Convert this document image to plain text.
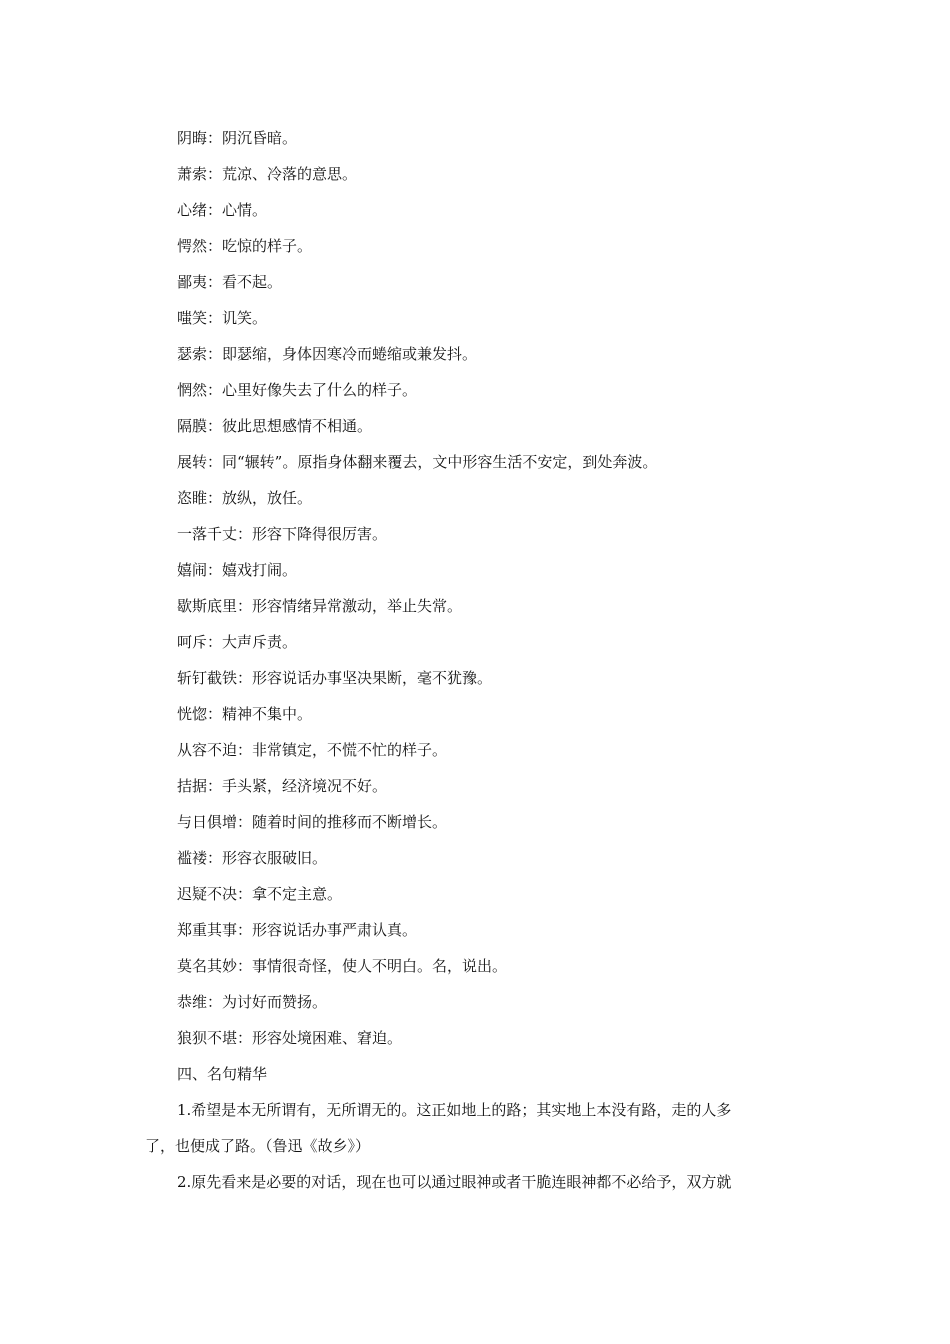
阴晦：阴沉昏暗。
萧索：荒凉、冷落的意思。
心绪：心情。
愕然：吃惊的样子。
鄙夷：看不起。
嗤笑：讥笑。
瑟索：即瑟缩，身体因寒冷而蜷缩或兼发抖。
惘然：心里好像失去了什么的样子。
隔膜：彼此思想感情不相通。
展转：同“辗转”。原指身体翻来覆去，文中形容生活不安定，到处奔波。
恣睢：放纵，放任。
一落千丈：形容下降得很厉害。
嬉闹：嬉戏打闹。
歇斯底里：形容情绪异常激动，举止失常。
呵斥：大声斥责。
斩钉截铁：形容说话办事坚决果断，毫不犹豫。
恍惚：精神不集中。
从容不迫：非常镇定，不慌不忙的样子。
拮据：手头紧，经济境况不好。
与日俱增：随着时间的推移而不断增长。
褴褛：形容衣服破旧。
迟疑不决：拿不定主意。
郑重其事：形容说话办事严肃认真。
莫名其妙：事情很奇怪，使人不明白。名，说出。
恭维：为讨好而赞扬。
狼狈不堪：形容处境困难、窘迫。
四、名句精华

1.希望是本无所谓有，无所谓无的。这正如地上的路；其实地上本没有路，走的人多

了，也便成了路。（鲁迅《故乡》）

2.原先看来是必要的对话，现在也可以通过眼神或者干脆连眼神都不必给予，双方就
